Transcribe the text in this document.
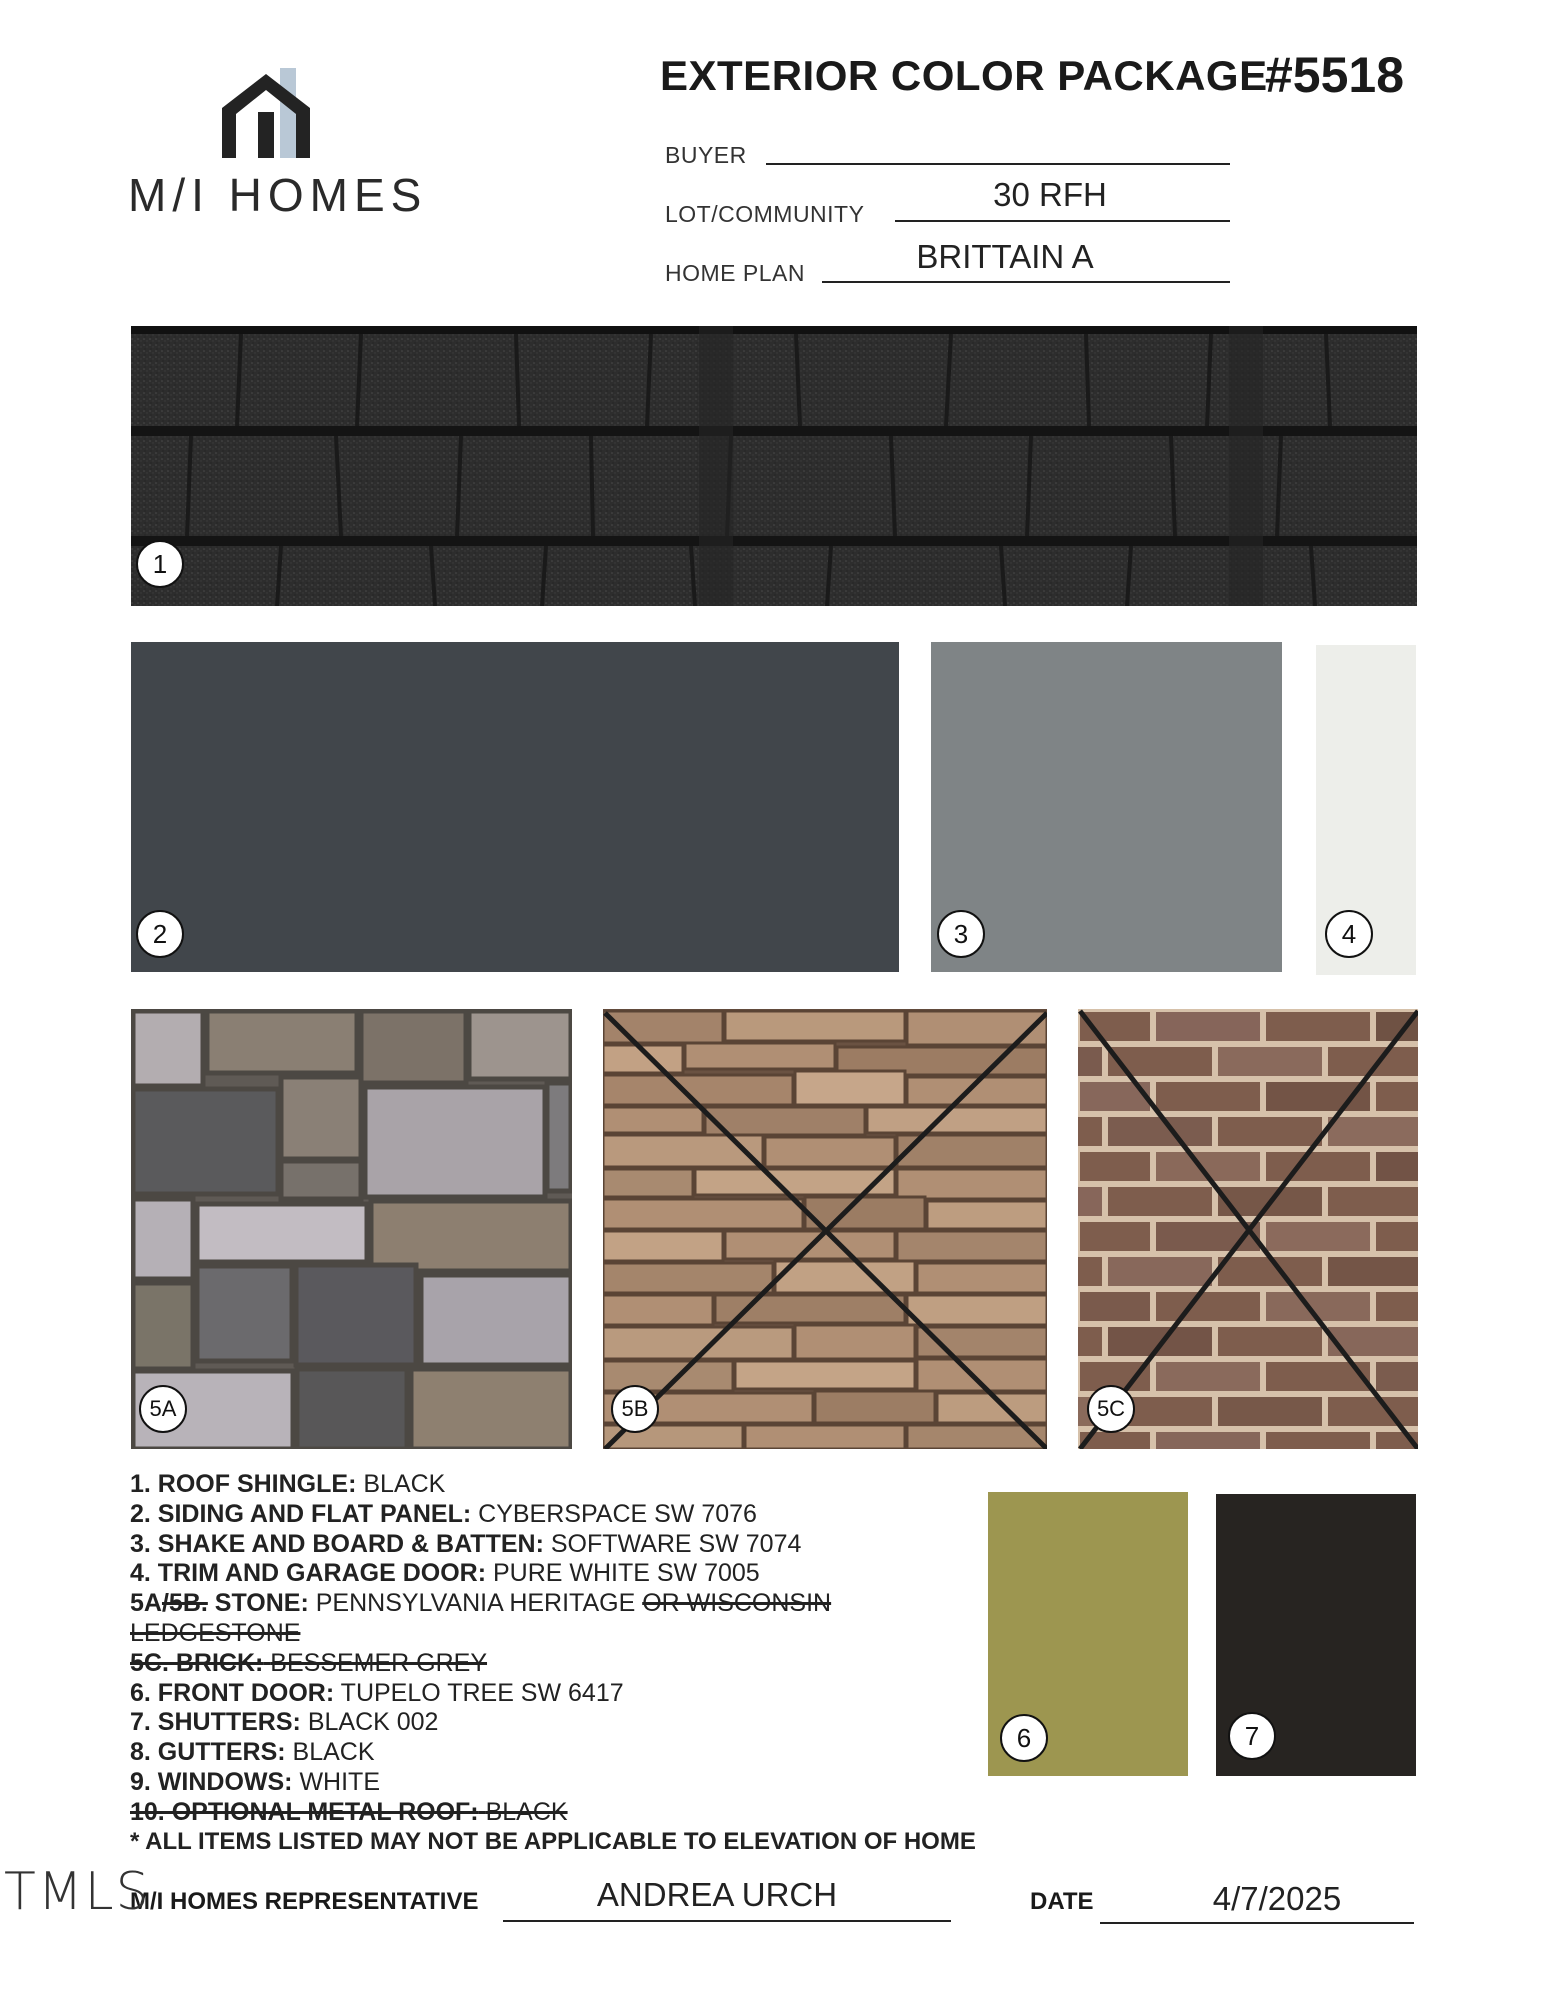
M/I HOMES
EXTERIOR COLOR PACKAGE
#5518
BUYER
LOT/COMMUNITY
30 RFH
HOME PLAN	BRITTAIN A
1
2	3	4
5A	5B	5C
6	7
1. ROOF SHINGLE: BLACK
2. SIDING AND FLAT PANEL: CYBERSPACE SW 7076
3. SHAKE AND BOARD & BATTEN: SOFTWARE SW 7074
4. TRIM AND GARAGE DOOR: PURE WHITE SW 7005
5A/5B. STONE: PENNSYLVANIA HERITAGE OR WISCONSIN
LEDGESTONE
5C. BRICK: BESSEMER GREY
6. FRONT DOOR: TUPELO TREE SW 6417
7. SHUTTERS: BLACK 002
8. GUTTERS: BLACK
9. WINDOWS: WHITE
10. OPTIONAL METAL ROOF: BLACK
* ALL ITEMS LISTED MAY NOT BE APPLICABLE TO ELEVATION OF HOME
M/I HOMES REPRESENTATIVE	ANDREA URCH	DATE	4/7/2025
TMLS
